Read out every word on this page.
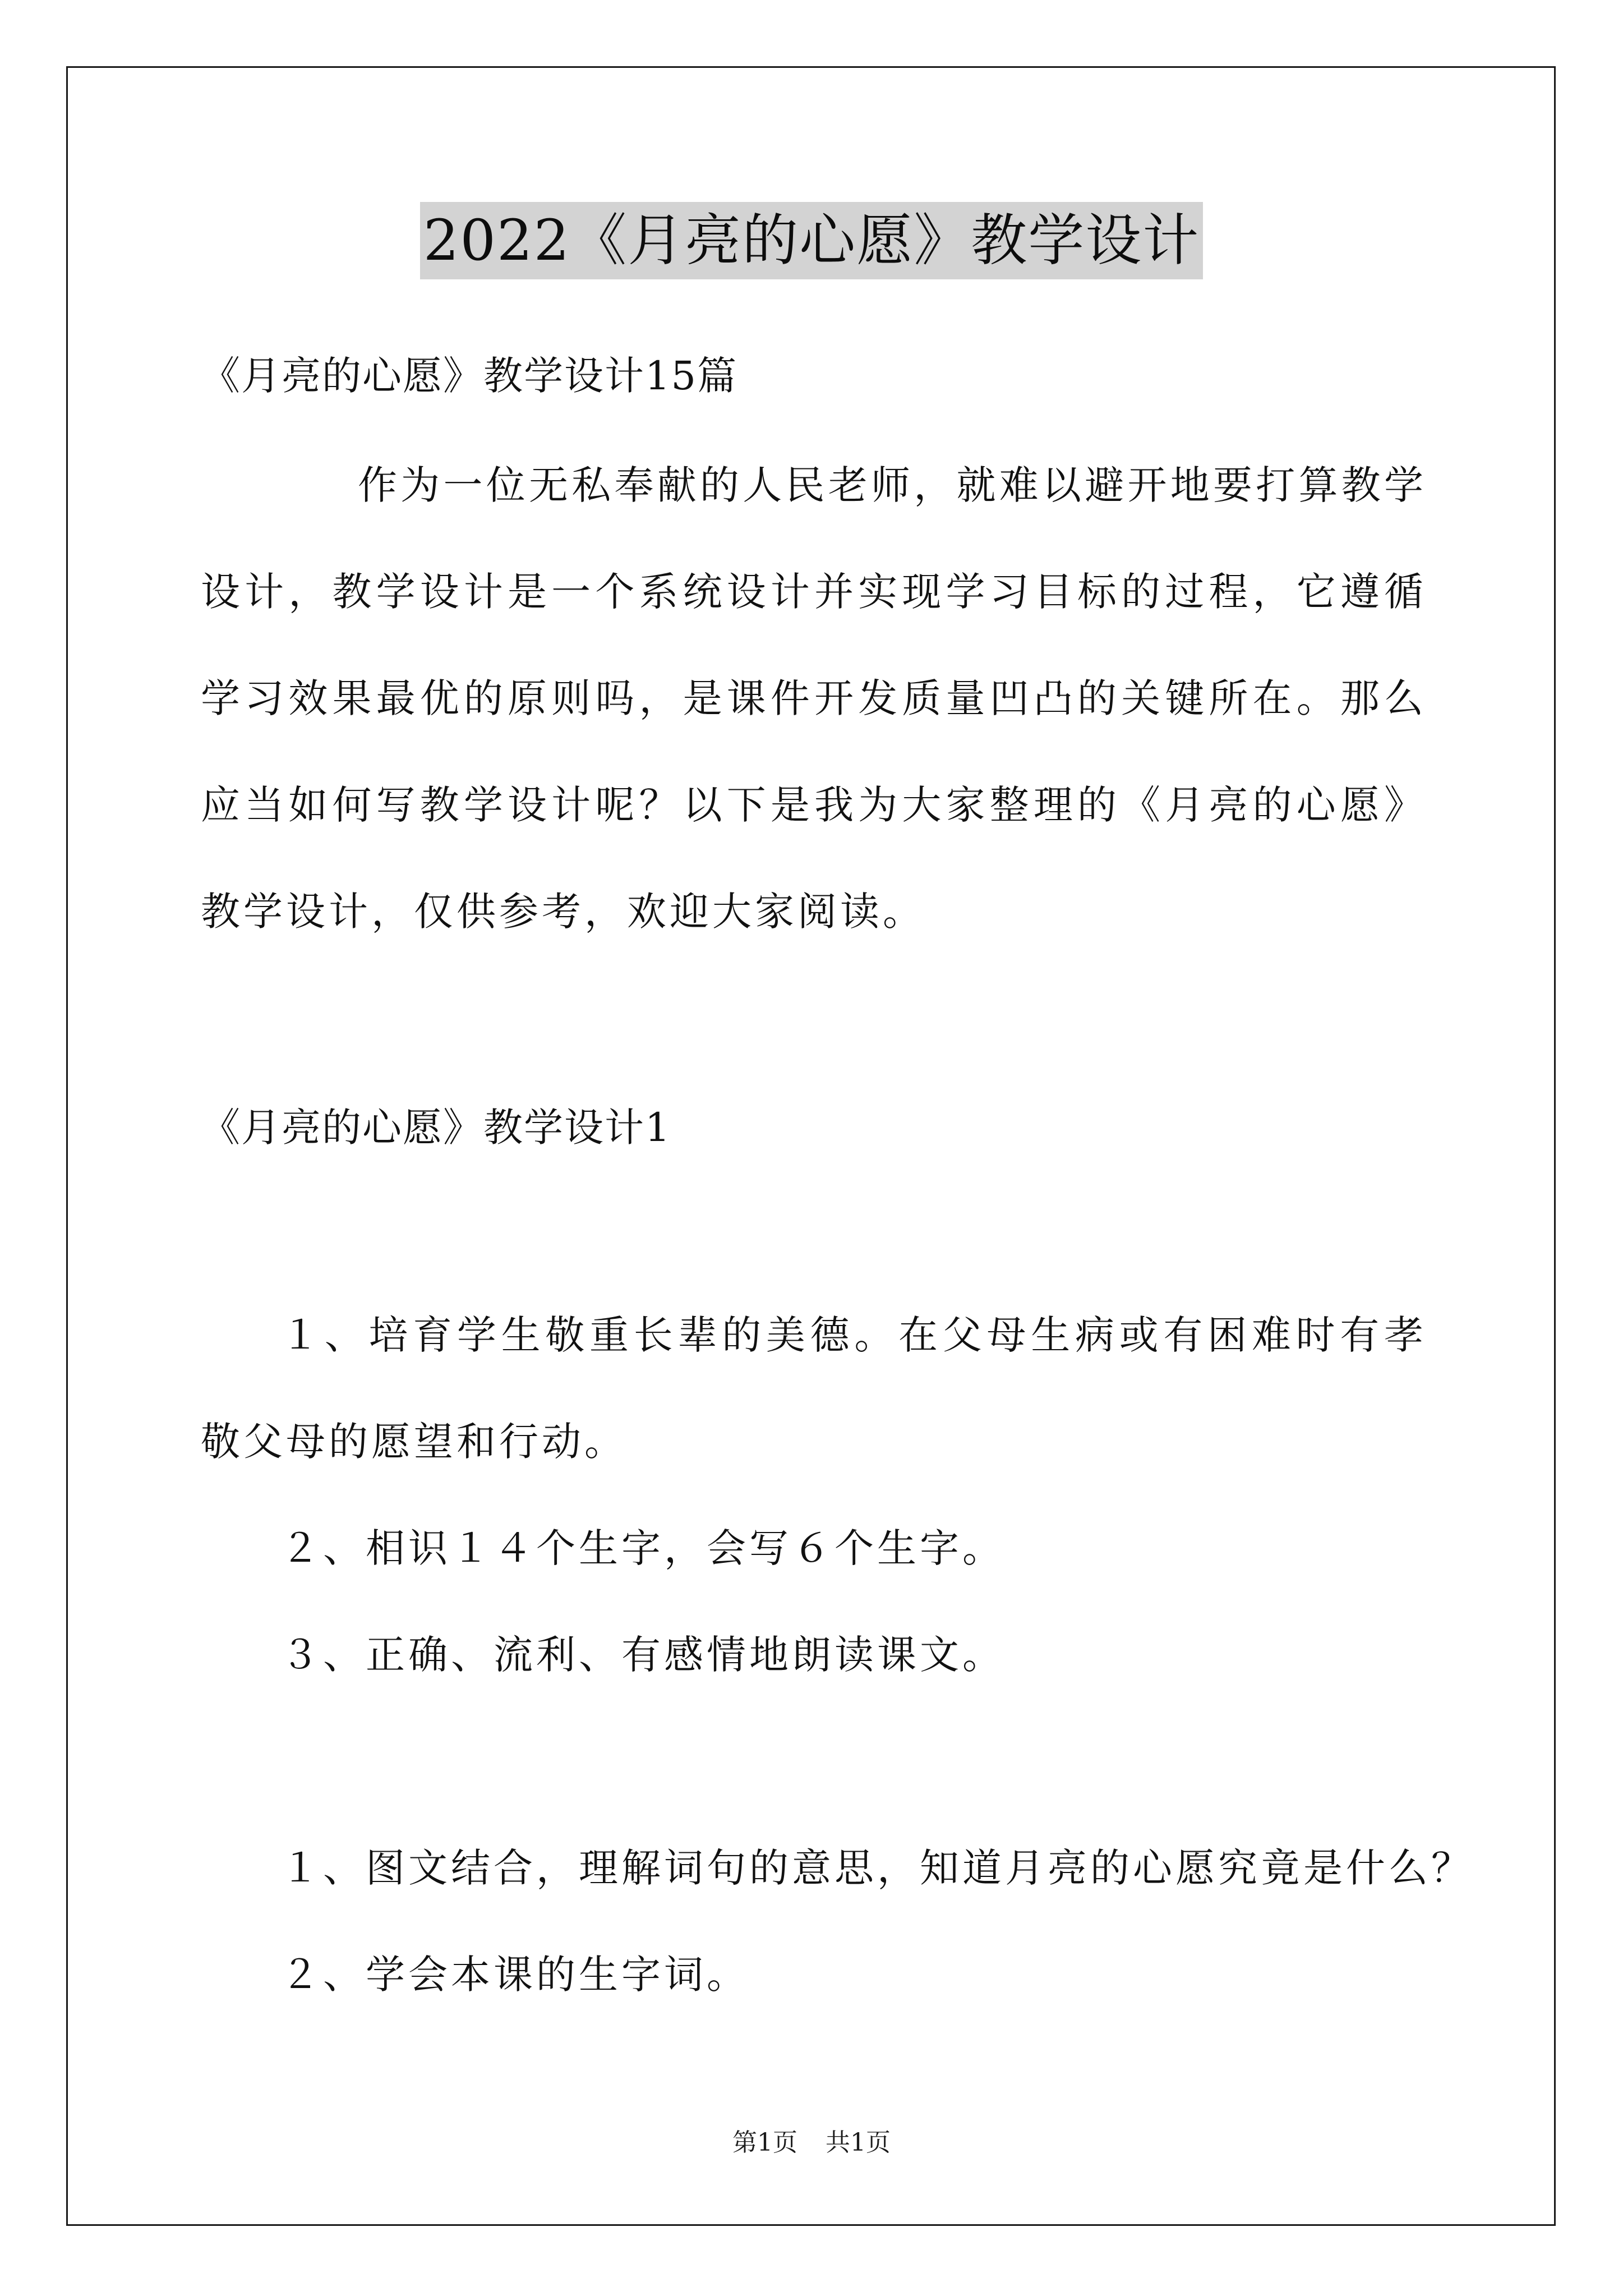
2022《月亮的心愿》教学设计
《月亮的心愿》教学设计15篇
作为一位无私奉献的人民老师，就难以避开地要打算教学设计，教学设计是一个系统设计并实现学习目标的过程，它遵循学习效果最优的原则吗，是课件开发质量凹凸的关键所在。那么应当如何写教学设计呢？以下是我为大家整理的《月亮的心愿》教学设计，仅供参考，欢迎大家阅读。
《月亮的心愿》教学设计1
１、培育学生敬重长辈的美德。在父母生病或有困难时有孝敬父母的愿望和行动。
２、相识１４个生字，会写６个生字。
３、正确、流利、有感情地朗读课文。
１、图文结合，理解词句的意思，知道月亮的心愿究竟是什么？
２、学会本课的生字词。
第1页 共1页
